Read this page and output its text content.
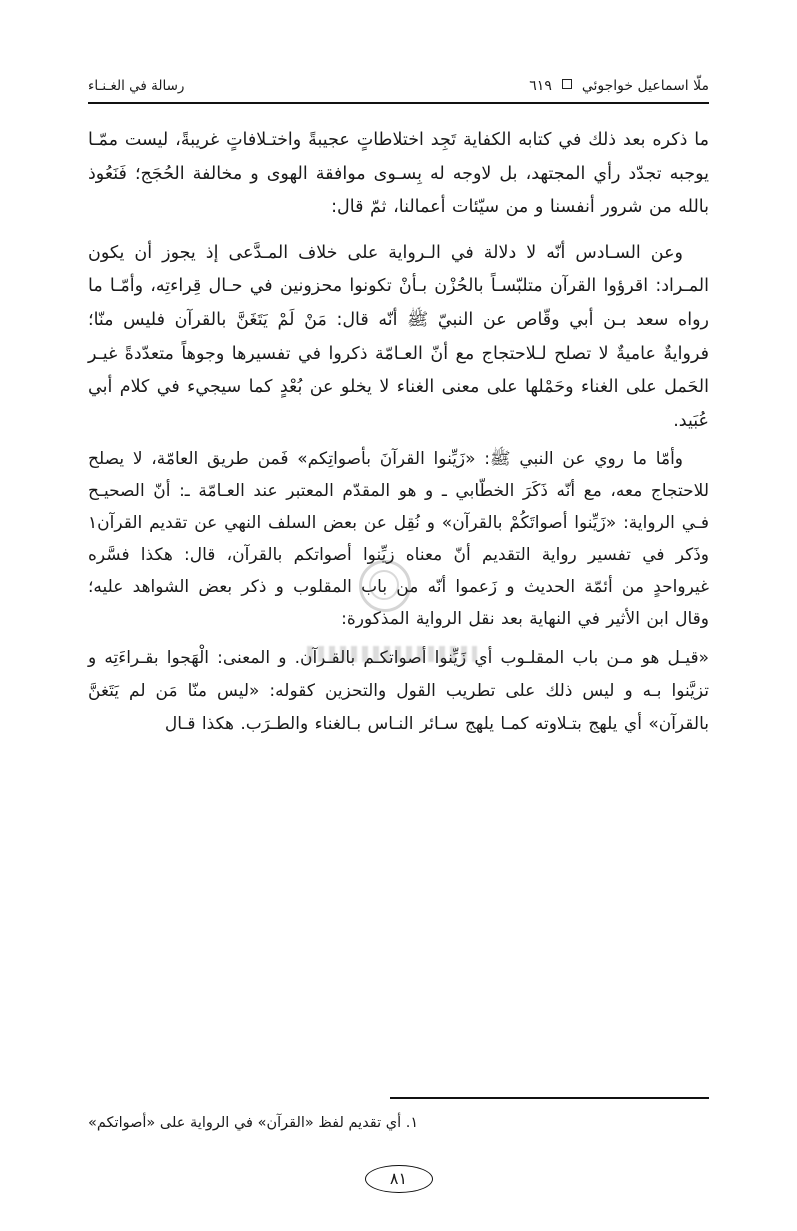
رسالة في الغـنـاء	ملّا اسماعيل خواجوئي
٦١٩

ما ذكره بعد ذلك في كتابه الكفاية تَجِد اختلاطاتٍ عجيبةً واختـلافاتٍ غريبةً، ليست ممّـا يوجبه تجدّد رأي المجتهد، بل لاوجه له بِسـوى موافقة الهوى و مخالفة الحُجَج؛ فَنَعُوذ بالله من شرور أنفسنا و من سيّئات أعمالنا، ثمّ قال:

وعن السـادس أنّه لا دلالة في الـرواية على خلاف المـدَّعى إذ يجوز أن يكون المـراد: اقرؤوا القرآن متلبّسـاً بالحُزْن بـأنْ تكونوا محزونين في حـال قِراءتِه، وأمّـا ما رواه سعد بـن أبي وقّاص عن النبيّ ﷺ أنّه قال: مَنْ لَمْ يَتَغَنَّ بالقرآن فليس منّا؛ فروايةٌ عاميةٌ لا تصلح لـلاحتجاج مع أنّ العـامّة ذكروا في تفسيرها وجوهاً متعدّدةً غيـر الحَمل على الغناء وحَمْلها على معنى الغناء لا يخلو عن بُعْدٍ كما سيجيء في كلام أبي عُبَيد.

وأمّا ما روي عن النبي ﷺ: «زَيِّنوا القرآنَ بأصواتِكم» فَمن طريق العامّة، لا يصلح للاحتجاج معه، مع أنّه ذَكَرَ الخطّابي ـ و هو المقدّم المعتبر عند العـامّة ـ: أنّ الصحيـح فـي الرواية: «زَيِّنوا أصواتَكُمْ بالقرآن» و نُقِل عن بعض السلف النهي عن تقديم القرآن١ وذَكر في تفسير رواية التقديم أنّ معناه زيِّنوا أصواتكم بالقرآن، قال: هكذا فسَّره غيرواحدٍ من أئمّة الحديث و زَعموا أنّه من باب المقلوب و ذكر بعض الشواهد عليه؛ وقال ابن الأثير في النهاية بعد نقل الرواية المذكورة:

«قيـل هو مـن باب المقلـوب أي زَيِّنوا أصواتكـم بالقـرآن. و المعنى: الْهَجوا بقـراءَتِه و تزيَّنوا بـه و ليس ذلك على تطريب القول والتحزين كقوله: «ليس منّا مَن لم يَتَغنَّ بالقرآن» أي يلهج بتـلاوته كمـا يلهج سـائر النـاس بـالغناء والطـرَب. هكذا قـال

١. أي تقديم لفظ «القرآن» في الرواية على «أصواتكم»
٨١
